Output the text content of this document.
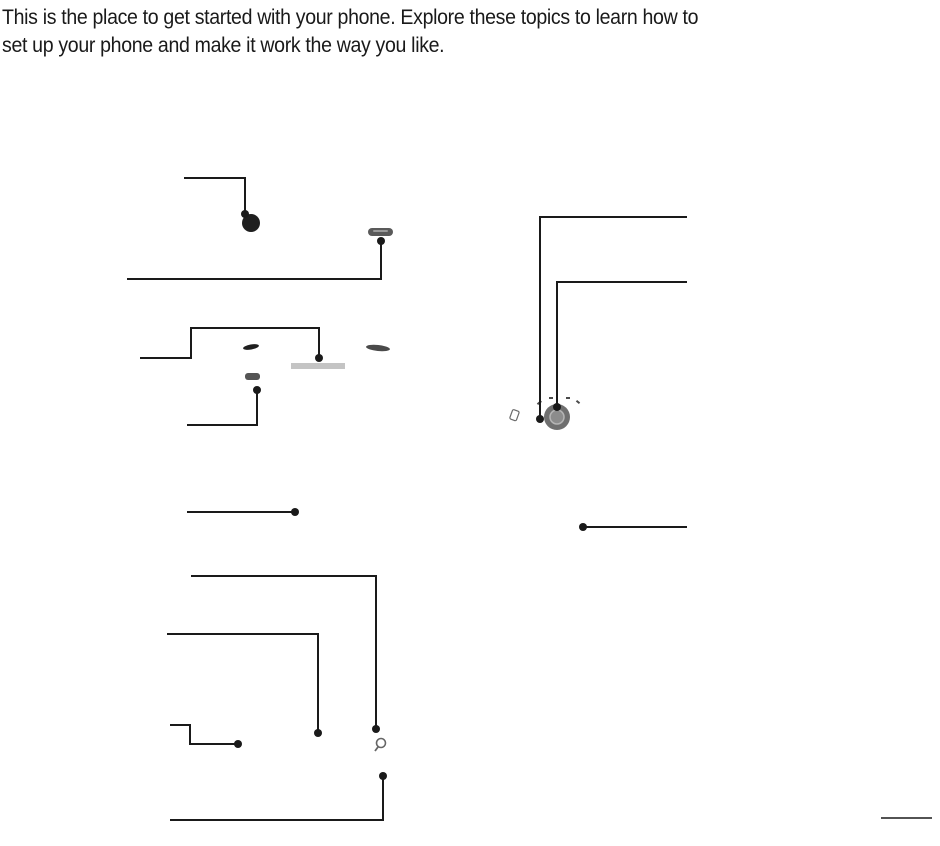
This is the place to get started with your phone. Explore these topics to learn how to
set up your phone and make it work the way you like.
